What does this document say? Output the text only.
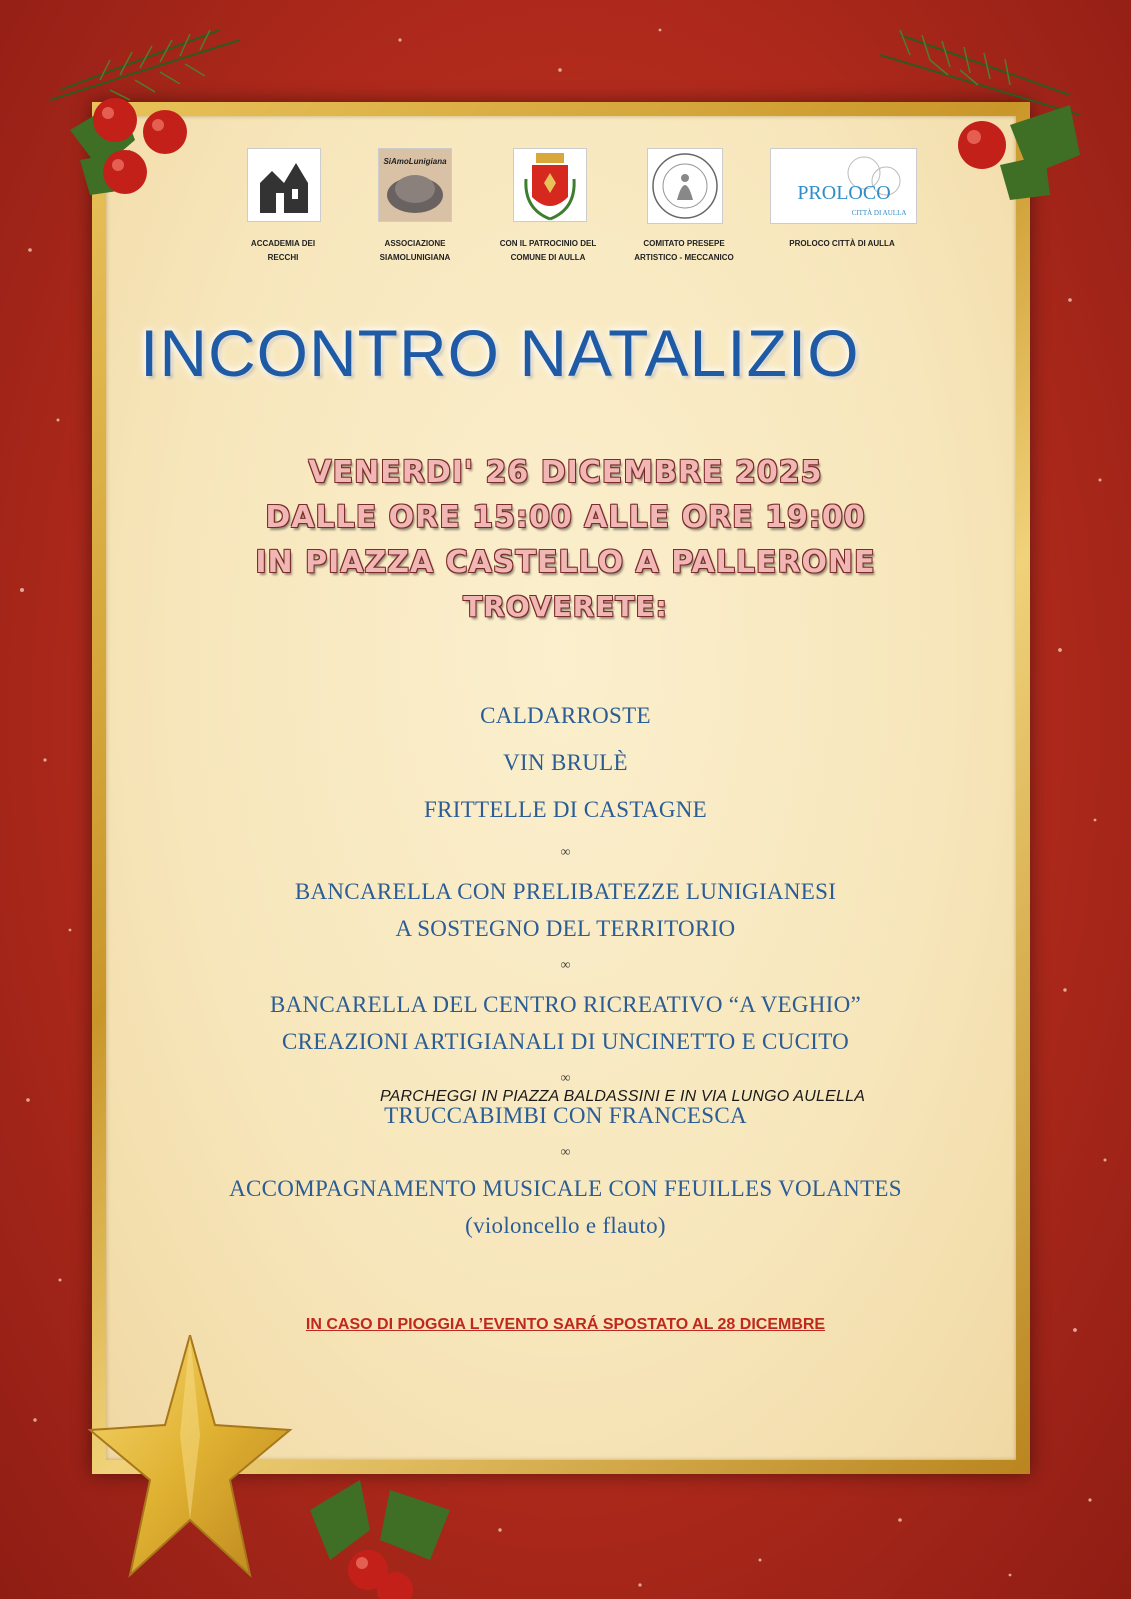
SiAmoLunigiana
PROLOCO
CITTÀ DI AULLA
ACCADEMIA DEI
RECCHI
ASSOCIAZIONE
SIAMOLUNIGIANA
CON IL PATROCINIO DEL
COMUNE DI AULLA
COMITATO PRESEPE
ARTISTICO - MECCANICO
PROLOCO CITTÀ DI AULLA
INCONTRO NATALIZIO
VENERDI' 26 DICEMBRE 2025
DALLE ORE 15:00 ALLE ORE 19:00
IN PIAZZA CASTELLO A PALLERONE
TROVERETE:
CALDARROSTE
VIN BRULÈ
FRITTELLE DI CASTAGNE
∞
BANCARELLA CON PRELIBATEZZE LUNIGIANESI
A SOSTEGNO DEL TERRITORIO
∞
BANCARELLA DEL CENTRO RICREATIVO “A VEGHIO”
CREAZIONI ARTIGIANALI DI UNCINETTO E CUCITO
∞
TRUCCABIMBI CON FRANCESCA
∞
ACCOMPAGNAMENTO MUSICALE CON FEUILLES VOLANTES
(violoncello e flauto)
IN CASO DI PIOGGIA L’EVENTO SARÁ SPOSTATO AL 28 DICEMBRE
PARCHEGGI IN PIAZZA BALDASSINI E IN VIA LUNGO AULELLA
